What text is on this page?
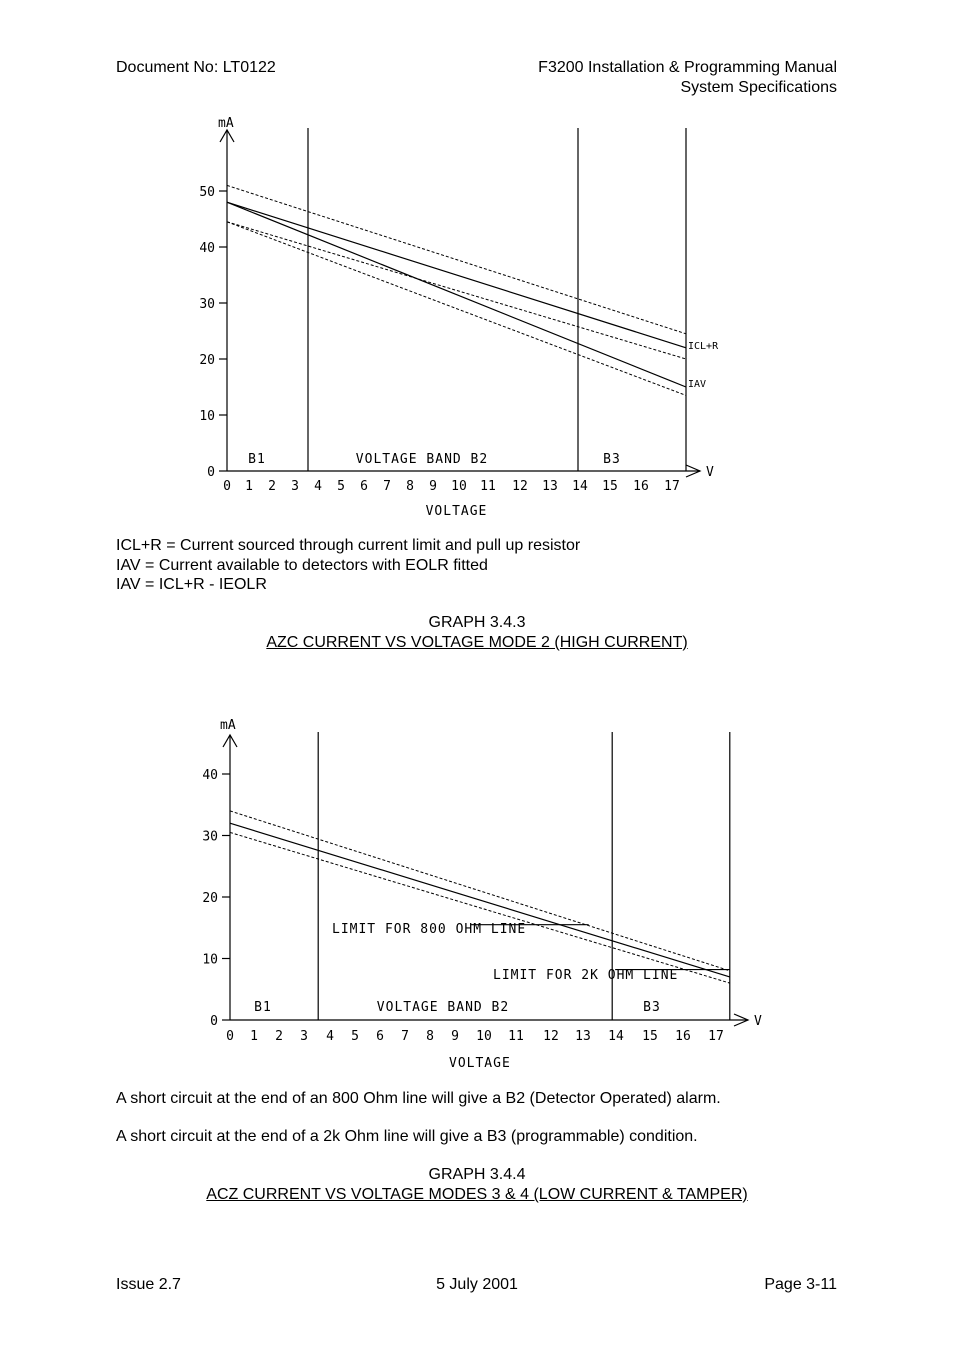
Document No: LT0122	F3200 Installation & Programming Manual
System Specifications
mA
V
0
10
20
30
40
50
0 1 2 3 4 5 6 7 8 9 10 11 12 13 14 15 16 17
VOLTAGE
B1	VOLTAGE BAND B2	B3
ICL+R
IAV
mA
V
0
10
20
30
40
0 1 2 3 4 5 6 7 8 9 10 11 12 13 14 15 16 17
VOLTAGE
B1	VOLTAGE BAND B2	B3
LIMIT FOR 800 OHM LINE
LIMIT FOR 2K OHM LINE
ICL+R = Current sourced through current limit and pull up resistor
IAV = Current available to detectors with EOLR fitted
IAV = ICL+R - IEOLR
GRAPH 3.4.3
AZC CURRENT VS VOLTAGE MODE 2 (HIGH CURRENT)
A short circuit at the end of an 800 Ohm line will give a B2 (Detector Operated) alarm.
A short circuit at the end of a 2k Ohm line will give a B3 (programmable) condition.
GRAPH 3.4.4
ACZ CURRENT VS VOLTAGE MODES 3 & 4 (LOW CURRENT & TAMPER)
Issue 2.7	5 July 2001	Page 3-11
